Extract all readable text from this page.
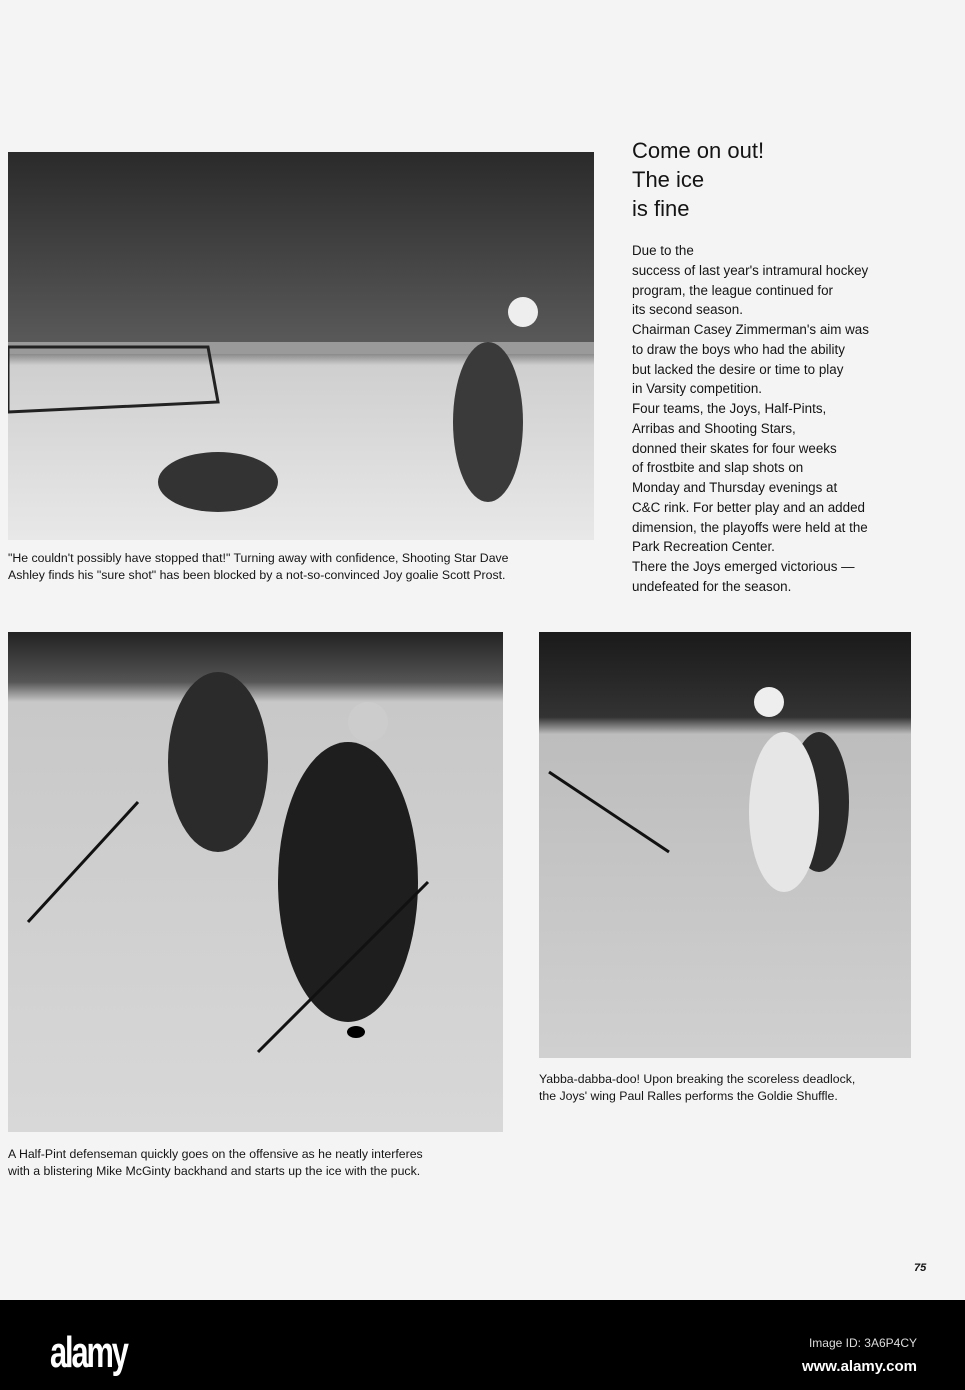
"He couldn't possibly have stopped that!" Turning away with confidence, Shooting Star Dave
Ashley finds his "sure shot" has been blocked by a not-so-convinced Joy goalie Scott Prost.

Come on out!
The ice
is fine
Due to the
success of last year's intramural hockey
program, the league continued for
its second season.
Chairman Casey Zimmerman's aim was
to draw the boys who had the ability
but lacked the desire or time to play
in Varsity competition.
Four teams, the Joys, Half-Pints,
Arribas and Shooting Stars,
donned their skates for four weeks
of frostbite and slap shots on
Monday and Thursday evenings at
C&C rink. For better play and an added
dimension, the playoffs were held at the
Park Recreation Center.
There the Joys emerged victorious —
undefeated for the season.

A Half-Pint defenseman quickly goes on the offensive as he neatly interferes
with a blistering Mike McGinty backhand and starts up the ice with the puck.

Yabba-dabba-doo! Upon breaking the scoreless deadlock,
the Joys' wing Paul Ralles performs the Goldie Shuffle.

75
alamy	Image ID: 3A6P4CY
www.alamy.com
